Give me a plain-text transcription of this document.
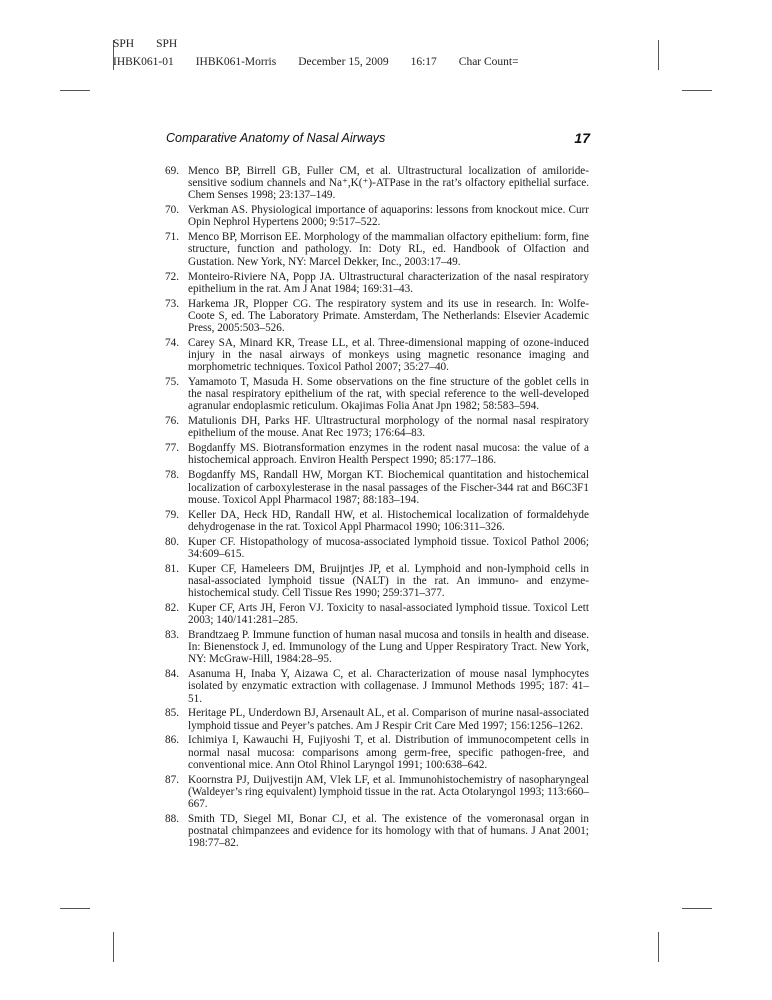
SPH SPH
IHBK061-01 IHBK061-Morris December 15, 2009 16:17 Char Count=
Comparative Anatomy of Nasal Airways	17
69. Menco BP, Birrell GB, Fuller CM, et al. Ultrastructural localization of amiloride-sensitive sodium channels and Na⁺,K(⁺)-ATPase in the rat’s olfactory epithelial surface. Chem Senses 1998; 23:137–149.
70. Verkman AS. Physiological importance of aquaporins: lessons from knockout mice. Curr Opin Nephrol Hypertens 2000; 9:517–522.
71. Menco BP, Morrison EE. Morphology of the mammalian olfactory epithelium: form, fine structure, function and pathology. In: Doty RL, ed. Handbook of Olfaction and Gustation. New York, NY: Marcel Dekker, Inc., 2003:17–49.
72. Monteiro-Riviere NA, Popp JA. Ultrastructural characterization of the nasal respiratory epithelium in the rat. Am J Anat 1984; 169:31–43.
73. Harkema JR, Plopper CG. The respiratory system and its use in research. In: Wolfe-Coote S, ed. The Laboratory Primate. Amsterdam, The Netherlands: Elsevier Academic Press, 2005:503–526.
74. Carey SA, Minard KR, Trease LL, et al. Three-dimensional mapping of ozone-induced injury in the nasal airways of monkeys using magnetic resonance imaging and morphometric techniques. Toxicol Pathol 2007; 35:27–40.
75. Yamamoto T, Masuda H. Some observations on the fine structure of the goblet cells in the nasal respiratory epithelium of the rat, with special reference to the well-developed agranular endoplasmic reticulum. Okajimas Folia Anat Jpn 1982; 58:583–594.
76. Matulionis DH, Parks HF. Ultrastructural morphology of the normal nasal respiratory epithelium of the mouse. Anat Rec 1973; 176:64–83.
77. Bogdanffy MS. Biotransformation enzymes in the rodent nasal mucosa: the value of a histochemical approach. Environ Health Perspect 1990; 85:177–186.
78. Bogdanffy MS, Randall HW, Morgan KT. Biochemical quantitation and histochemical localization of carboxylesterase in the nasal passages of the Fischer-344 rat and B6C3F1 mouse. Toxicol Appl Pharmacol 1987; 88:183–194.
79. Keller DA, Heck HD, Randall HW, et al. Histochemical localization of formaldehyde dehydrogenase in the rat. Toxicol Appl Pharmacol 1990; 106:311–326.
80. Kuper CF. Histopathology of mucosa-associated lymphoid tissue. Toxicol Pathol 2006; 34:609–615.
81. Kuper CF, Hameleers DM, Bruijntjes JP, et al. Lymphoid and non-lymphoid cells in nasal-associated lymphoid tissue (NALT) in the rat. An immuno- and enzyme-histochemical study. Cell Tissue Res 1990; 259:371–377.
82. Kuper CF, Arts JH, Feron VJ. Toxicity to nasal-associated lymphoid tissue. Toxicol Lett 2003; 140/141:281–285.
83. Brandtzaeg P. Immune function of human nasal mucosa and tonsils in health and disease. In: Bienenstock J, ed. Immunology of the Lung and Upper Respiratory Tract. New York, NY: McGraw-Hill, 1984:28–95.
84. Asanuma H, Inaba Y, Aizawa C, et al. Characterization of mouse nasal lymphocytes isolated by enzymatic extraction with collagenase. J Immunol Methods 1995; 187: 41–51.
85. Heritage PL, Underdown BJ, Arsenault AL, et al. Comparison of murine nasal-associated lymphoid tissue and Peyer’s patches. Am J Respir Crit Care Med 1997; 156:1256–1262.
86. Ichimiya I, Kawauchi H, Fujiyoshi T, et al. Distribution of immunocompetent cells in normal nasal mucosa: comparisons among germ-free, specific pathogen-free, and conventional mice. Ann Otol Rhinol Laryngol 1991; 100:638–642.
87. Koornstra PJ, Duijvestijn AM, Vlek LF, et al. Immunohistochemistry of nasopharyngeal (Waldeyer’s ring equivalent) lymphoid tissue in the rat. Acta Otolaryngol 1993; 113:660–667.
88. Smith TD, Siegel MI, Bonar CJ, et al. The existence of the vomeronasal organ in postnatal chimpanzees and evidence for its homology with that of humans. J Anat 2001; 198:77–82.
